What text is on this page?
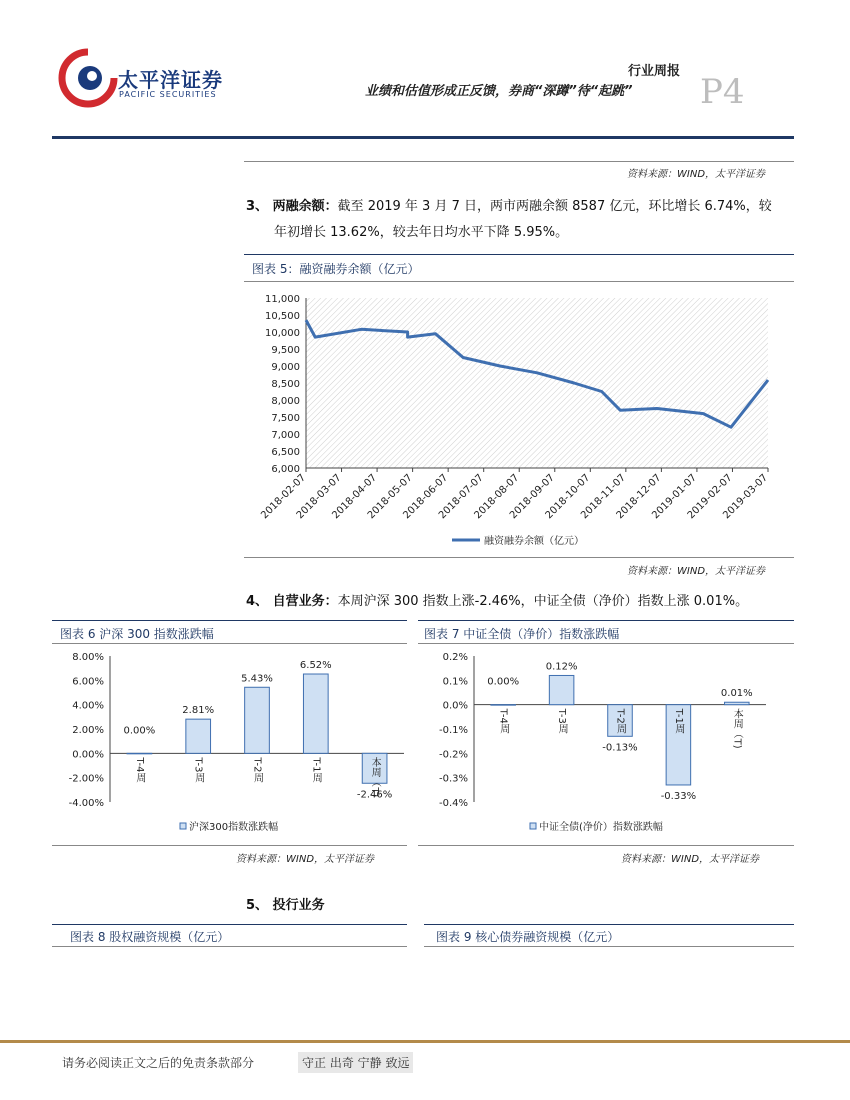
太平洋证券
PACIFIC SECURITIES
行业周报
业绩和估值形成正反馈，券商“深蹲”待“起跳” P4
资料来源：WIND，太平洋证券
3、 两融余额：截至 2019 年 3 月 7 日，两市两融余额 8587 亿元，环比增长 6.74%，较
年初增长 13.62%，较去年日均水平下降 5.95%。
图表 5：融资融券余额（亿元）
11,000
10,500
10,000
9,500
9,000
8,500
8,000
7,500
7,000
6,500
6,000
2018-02-07
2018-03-07
2018-04-07
2018-05-07
2018-06-07
2018-07-07
2018-08-07
2018-09-07
2018-10-07
2018-11-07
2018-12-07
2019-01-07
2019-02-07
2019-03-07
融资融券余额（亿元）
资料来源：WIND，太平洋证券
4、 自营业务：本周沪深 300 指数上涨-2.46%，中证全债（净价）指数上涨 0.01%。
图表 6 沪深 300 指数涨跌幅
8.00%
6.00%
4.00%
2.00%
0.00%
-2.00%
-4.00%
0.00%
T-4周
2.81%
T-3周
5.43%
T-2周
6.52%
T-1周
-2.46%
本周（T)
沪深300指数涨跌幅
资料来源：WIND，太平洋证券
图表 7 中证全债（净价）指数涨跌幅
0.2%
0.1%
0.0%
-0.1%
-0.2%
-0.3%
-0.4%
0.00%
T-4周
0.12%
T-3周
-0.13%
T-2周
-0.33%
T-1周
0.01%
本周（T)
中证全债(净价）指数涨跌幅
资料来源：WIND，太平洋证券
5、 投行业务
图表 8 股权融资规模（亿元）	图表 9 核心债券融资规模（亿元）
请务必阅读正文之后的免责条款部分	守正 出奇 宁静 致远
